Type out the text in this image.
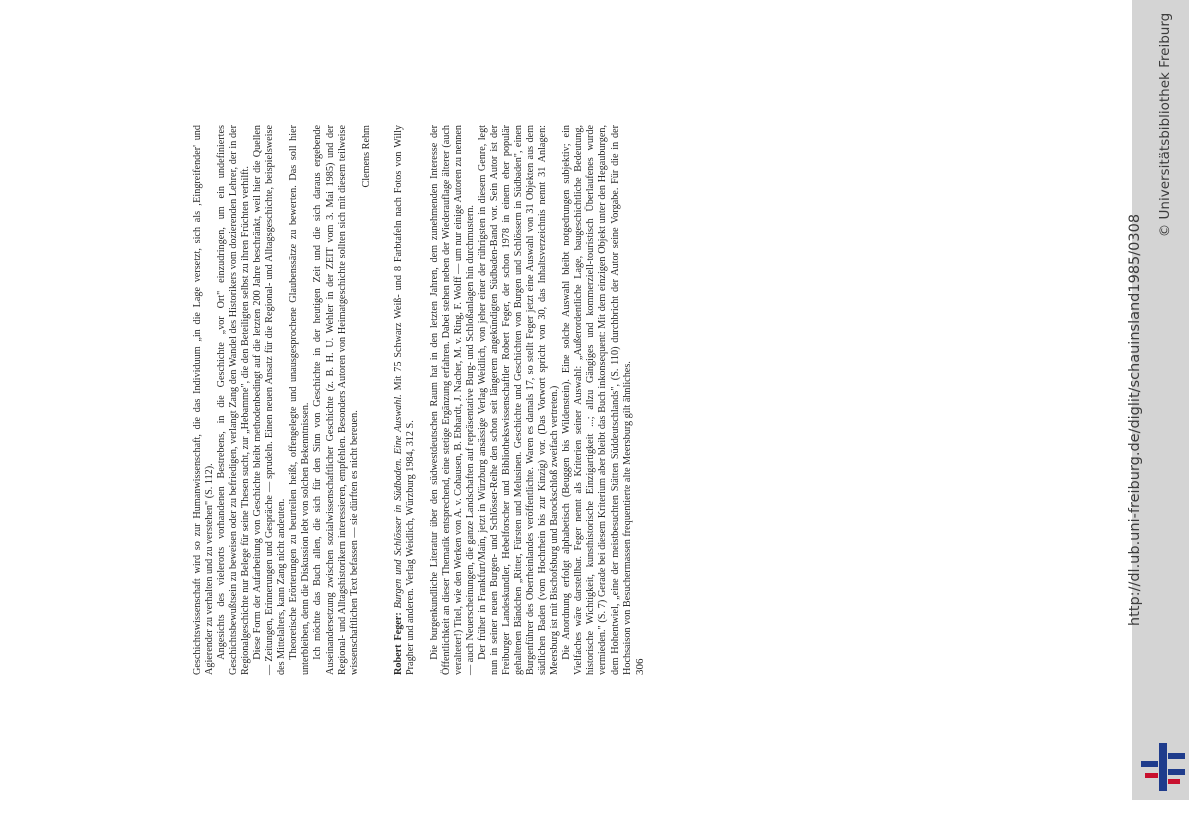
Geschichtswissenschaft wird so zur Humanwissenschaft, die das Individuum „in die Lage versetzt, sich als ‚Eingreifender' und Agierender zu verhalten und zu verstehen" (S. 112). Angesichts des vielerorts vorhandenen Bestrebens, in die Geschichte „vor Ort" einzudringen, um ein undefiniertes Geschichtsbewußtsein zu beweisen oder zu befriedigen, verlangt Zang den Wandel des Historikers vom dozierenden Lehrer, der in der Regionalgeschichte nur Belege für seine Thesen sucht, zur „Hebamme", die den Beteiligten selbst zu ihren Früchten verhilft. Diese Form der Aufarbeitung von Geschichte bleibt methodenbedingt auf die letzten 200 Jahre beschränkt, weil hier die Quellen — Zeitungen, Erinnerungen und Gespräche — sprudeln. Einen neuen Ansatz für die Regional- und Alltagsgeschichte, beispielsweise des Mittelalters, kann Zang nicht andeuten. Theoretische Erörterungen zu beurteilen heißt, offengelegte und unausgesprochene Glaubenssätze zu bewerten. Das soll hier unterbleiben, denn die Diskussion lebt von solchen Bekenntnissen. Ich möchte das Buch allen, die sich für den Sinn von Geschichte in der heutigen Zeit und die sich daraus ergebende Auseinandersetzung zwischen sozialwissenschaftlicher Geschichte (z. B. H. U. Wehler in der ZEIT vom 3. Mai 1985) und der Regional- und Alltagshistorikern interessieren, empfehlen. Besonders Autoren von Heimatgeschichte sollten sich mit diesem teilweise wissenschaftlichen Text befassen — sie dürften es nicht bereuen.

Clemens Rehm

Robert Feger: Burgen und Schlösser in Südbaden. Eine Auswahl. Mit 75 Schwarz Weiß- und 8 Farbtafeln nach Fotos von Willy Pragher und anderen. Verlag Weidlich, Würzburg 1984, 312 S. Die burgenkundliche Literatur über den südwestdeutschen Raum hat in den letzten Jahren, dem zunehmenden Interesse der Öffentlichkeit an dieser Thematik entsprechend, eine stetige Ergänzung erfahren. Dabei stehen neben der Wiederauflage älterer (auch veralteter!) Titel, wie den Werken von A. v. Cohausen, B. Ebhardt, J. Nacher, M. v. Ring, F. Wolff — um nur einige Autoren zu nennen — auch Neuerscheinungen, die ganze Landschaften auf repräsentative Burg- und Schloßanlagen hin durchmustern. Der früher in Frankfurt/Main, jetzt in Würzburg ansässige Verlag Weidlich, von jeher einer der rührigsten in diesem Genre, legt nun in seiner neuen Burgen- und Schlösser-Reihe den schon seit längerem angekündigten Südbaden-Band vor. Sein Autor ist der Freiburger Landeskundler, Hebelforscher und Bibliothekswissenschaftler Robert Feger, der schon 1978 in einem eher populär gehaltenen Bändchen „Ritter, Fürsten und Melusinen. Geschichte und Geschichten von Burgen und Schlössern in Südbaden", einen Burgenführer des Oberrheinlandes veröffentlichte. Waren es damals 17, so stellt Feger jetzt eine Auswahl von 31 Objekten aus dem südlichen Baden (vom Hochrhein bis zur Kinzig) vor. (Das Vorwort spricht von 30, das Inhaltsverzeichnis nennt 31 Anlagen: Meersburg ist mit Bischofsburg und Barockschloß zweifach vertreten.) Die Anordnung erfolgt alphabetisch (Beuggen bis Wildenstein). Eine solche Auswahl bleibt notgedrungen subjektiv; ein Vielfaches wäre darstellbar. Feger nennt als Kriterien seiner Auswahl: „Außerordentliche Lage, baugeschichtliche Bedeutung, historische Wichtigkeit, kunsthistorische Einzigartigkeit ...; allzu Gängiges und kommerziell-touristisch Überlaufenes wurde vermieden." (S. 7) Gerade bei diesem Kriterium aber bleibt das Buch inkonsequent: Mit dem einzigen Objekt unter den Hegauburgen, dem Hohentwiel, „eine der meistbesuchten Stätten Süddeutschlands", (S. 110) durchbricht der Autor seine Vorgabe. Für die in der Hochsaison von Besuchermassen frequentierte alte Meersburg gilt ähnliches. 306

http://dl.ub.uni-freiburg.de/diglit/schauinsland1985/0308
© Universitätsbibliothek Freiburg
